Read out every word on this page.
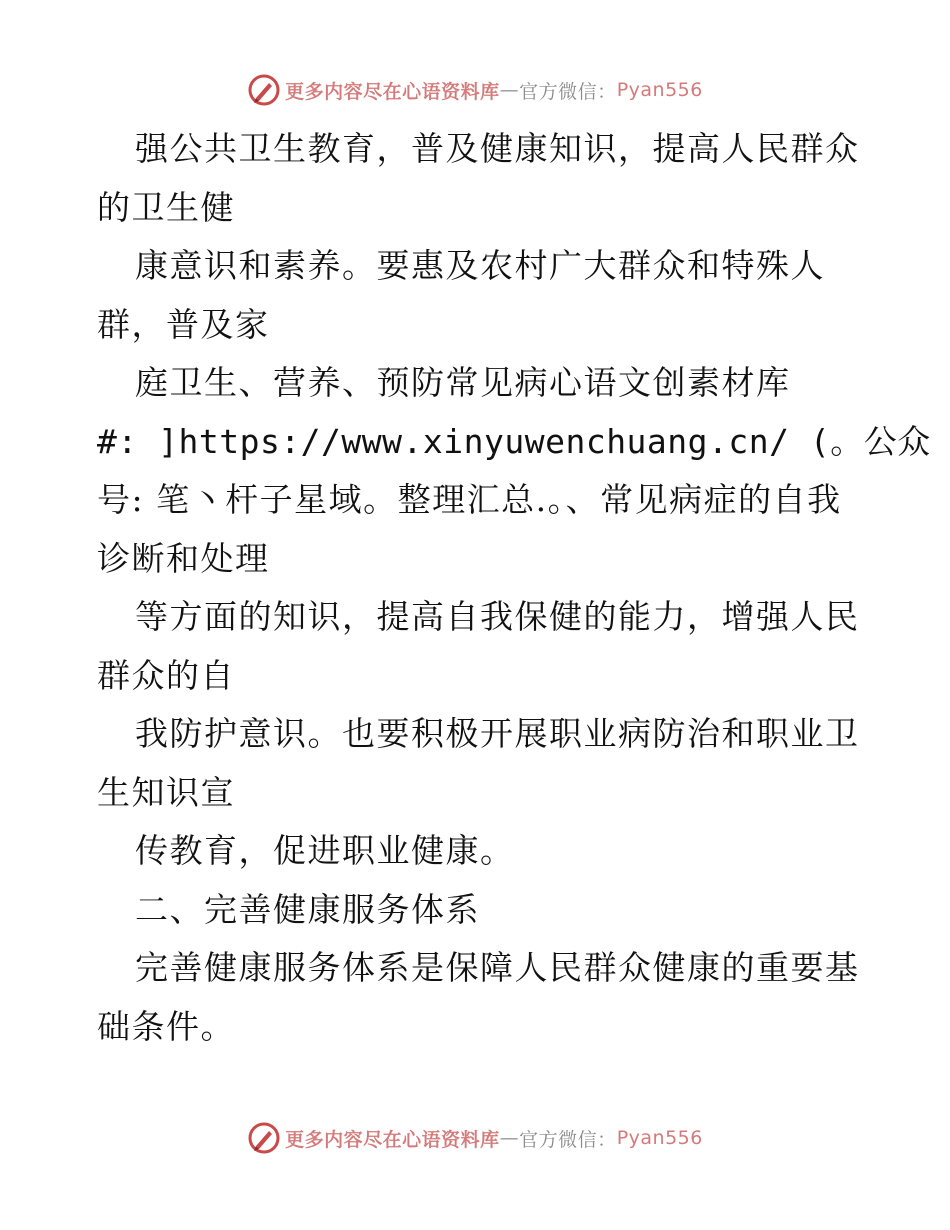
更多内容尽在心语资料库 — 官方微信： Pyan556
强公共卫生教育，普及健康知识，提高人民群众
的卫生健
康意识和素养。要惠及农村广大群众和特殊人
群，普及家
庭卫生、营养、预防常见病心语文创素材库
#: ]https://www.xinyuwenchuang.cn/ (。公众
号: 笔丶杆子星域。整理汇总.。、常见病症的自我
诊断和处理
等方面的知识，提高自我保健的能力，增强人民
群众的自
我防护意识。也要积极开展职业病防治和职业卫
生知识宣
传教育，促进职业健康。
二、完善健康服务体系
完善健康服务体系是保障人民群众健康的重要基
础条件。
更多内容尽在心语资料库 — 官方微信： Pyan556
